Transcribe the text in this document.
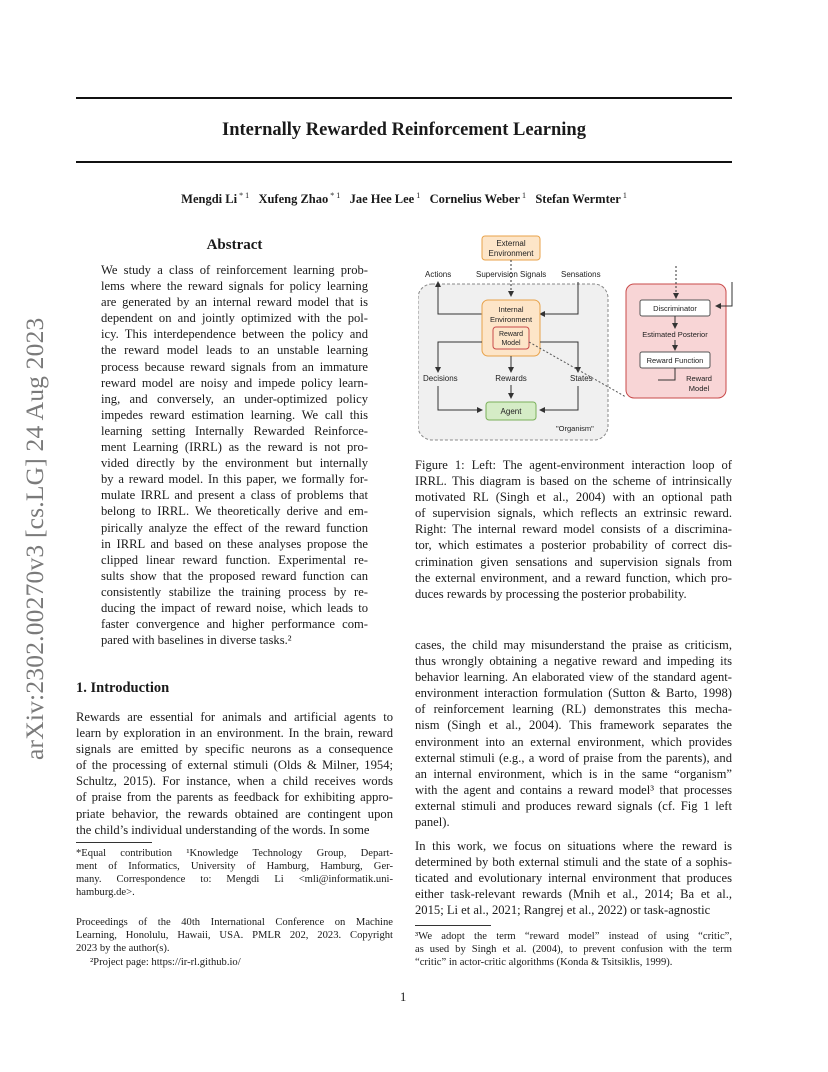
Internally Rewarded Reinforcement Learning
Mengdi Li $^{* 1}$ Xufeng Zhao $^{* 1}$ Jae Hee Lee $^1$ Cornelius Weber $^1$ Stefan Wermter $^1$
arXiv:2302.00270v3 [cs.LG] 24 Aug 2023
Abstract
We study a class of reinforcement learning prob-
lems where the reward signals for policy learning
are generated by an internal reward model that is
dependent on and jointly optimized with the pol-
icy. This interdependence between the policy and
the reward model leads to an unstable learning
process because reward signals from an immature
reward model are noisy and impede policy learn-
ing, and conversely, an under-optimized policy
impedes reward estimation learning. We call this
learning setting Internally Rewarded Reinforce-
ment Learning (IRRL) as the reward is not pro-
vided directly by the environment but internally
by a reward model. In this paper, we formally for-
mulate IRRL and present a class of problems that
belong to IRRL. We theoretically derive and em-
pirically analyze the effect of the reward function
in IRRL and based on these analyses propose the
clipped linear reward function. Experimental re-
sults show that the proposed reward function can
consistently stabilize the training process by re-
ducing the impact of reward noise, which leads to
faster convergence and higher performance com-
pared with baselines in diverse tasks.²
1. Introduction
Rewards are essential for animals and artificial agents to
learn by exploration in an environment. In the brain, reward
signals are emitted by specific neurons as a consequence
of the processing of external stimuli (Olds & Milner, 1954;
Schultz, 2015). For instance, when a child receives words
of praise from the parents as feedback for exhibiting appro-
priate behavior, the rewards obtained are contingent upon
the child’s individual understanding of the words. In some
External
Environment
Actions	Supervision Signals Sensations
Internal
Environment
Reward
Model
Decisions	Rewards	States
Agent
"Organism"
Discriminator
Estimated Posterior
Reward Function
Reward
Model
Figure 1: Left: The agent-environment interaction loop of
IRRL. This diagram is based on the scheme of intrinsically
motivated RL (Singh et al., 2004) with an optional path
of supervision signals, which reflects an extrinsic reward.
Right: The internal reward model consists of a discrimina-
tor, which estimates a posterior probability of correct dis-
crimination given sensations and supervision signals from
the external environment, and a reward function, which pro-
duces rewards by processing the posterior probability.
cases, the child may misunderstand the praise as criticism,
thus wrongly obtaining a negative reward and impeding its
behavior learning. An elaborated view of the standard agent-
environment interaction formulation (Sutton & Barto, 1998)
of reinforcement learning (RL) demonstrates this mecha-
nism (Singh et al., 2004). This framework separates the
environment into an external environment, which provides
external stimuli (e.g., a word of praise from the parents), and
an internal environment, which is in the same “organism”
with the agent and contains a reward model³ that processes
external stimuli and produces reward signals (cf. Fig 1 left
panel).
In this work, we focus on situations where the reward is
determined by both external stimuli and the state of a sophis-
ticated and evolutionary internal environment that produces
either task-relevant rewards (Mnih et al., 2014; Ba et al.,
2015; Li et al., 2021; Rangrej et al., 2022) or task-agnostic
*Equal contribution ¹Knowledge Technology Group, Depart-
ment of Informatics, University of Hamburg, Hamburg, Ger-
many. Correspondence to: Mengdi Li <mli@informatik.uni-
hamburg.de>.
Proceedings of the 40th International Conference on Machine
Learning, Honolulu, Hawaii, USA. PMLR 202, 2023. Copyright
2023 by the author(s).
²Project page: https://ir-rl.github.io/
³We adopt the term “reward model” instead of using “critic”,
as used by Singh et al. (2004), to prevent confusion with the term
“critic” in actor-critic algorithms (Konda & Tsitsiklis, 1999).
1
